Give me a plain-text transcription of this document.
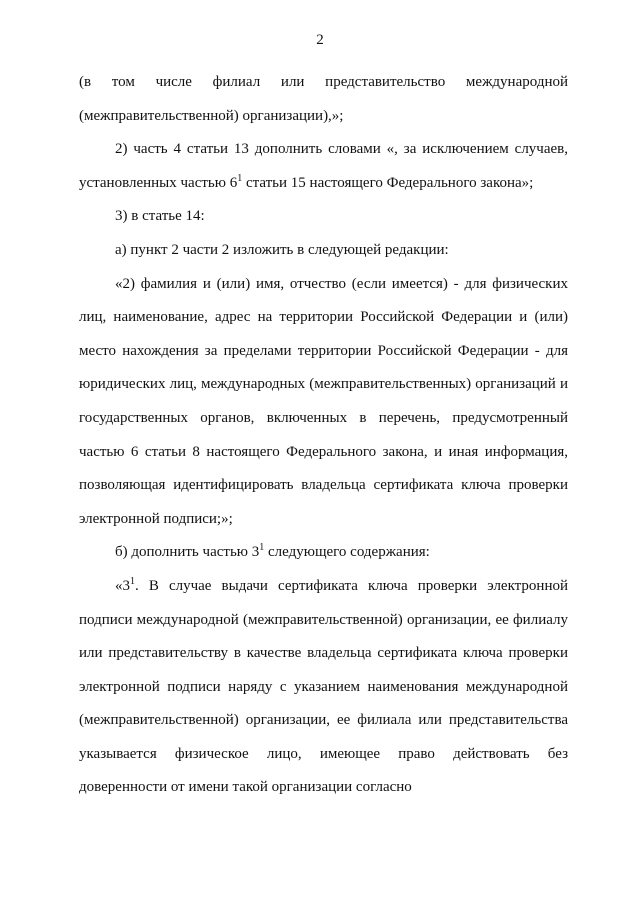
2

(в том числе филиал или представительство международной (межправительственной) организации),»;

2) часть 4 статьи 13 дополнить словами «, за исключением случаев, установленных частью $6^1$ статьи 15 настоящего Федерального закона»;

3) в статье 14:

а) пункт 2 части 2 изложить в следующей редакции:

«2) фамилия и (или) имя, отчество (если имеется) - для физических лиц, наименование, адрес на территории Российской Федерации и (или) место нахождения за пределами территории Российской Федерации - для юридических лиц, международных (межправительственных) организаций и государственных органов, включенных в перечень, предусмотренный частью 6 статьи 8 настоящего Федерального закона, и иная информация, позволяющая идентифицировать владельца сертификата ключа проверки электронной подписи;»;

б) дополнить частью $3^1$ следующего содержания:

«$3^1$. В случае выдачи сертификата ключа проверки электронной подписи международной (межправительственной) организации, ее филиалу или представительству в качестве владельца сертификата ключа проверки электронной подписи наряду с указанием наименования международной (межправительственной) организации, ее филиала или представительства указывается физическое лицо, имеющее право действовать без доверенности от имени такой организации согласно
